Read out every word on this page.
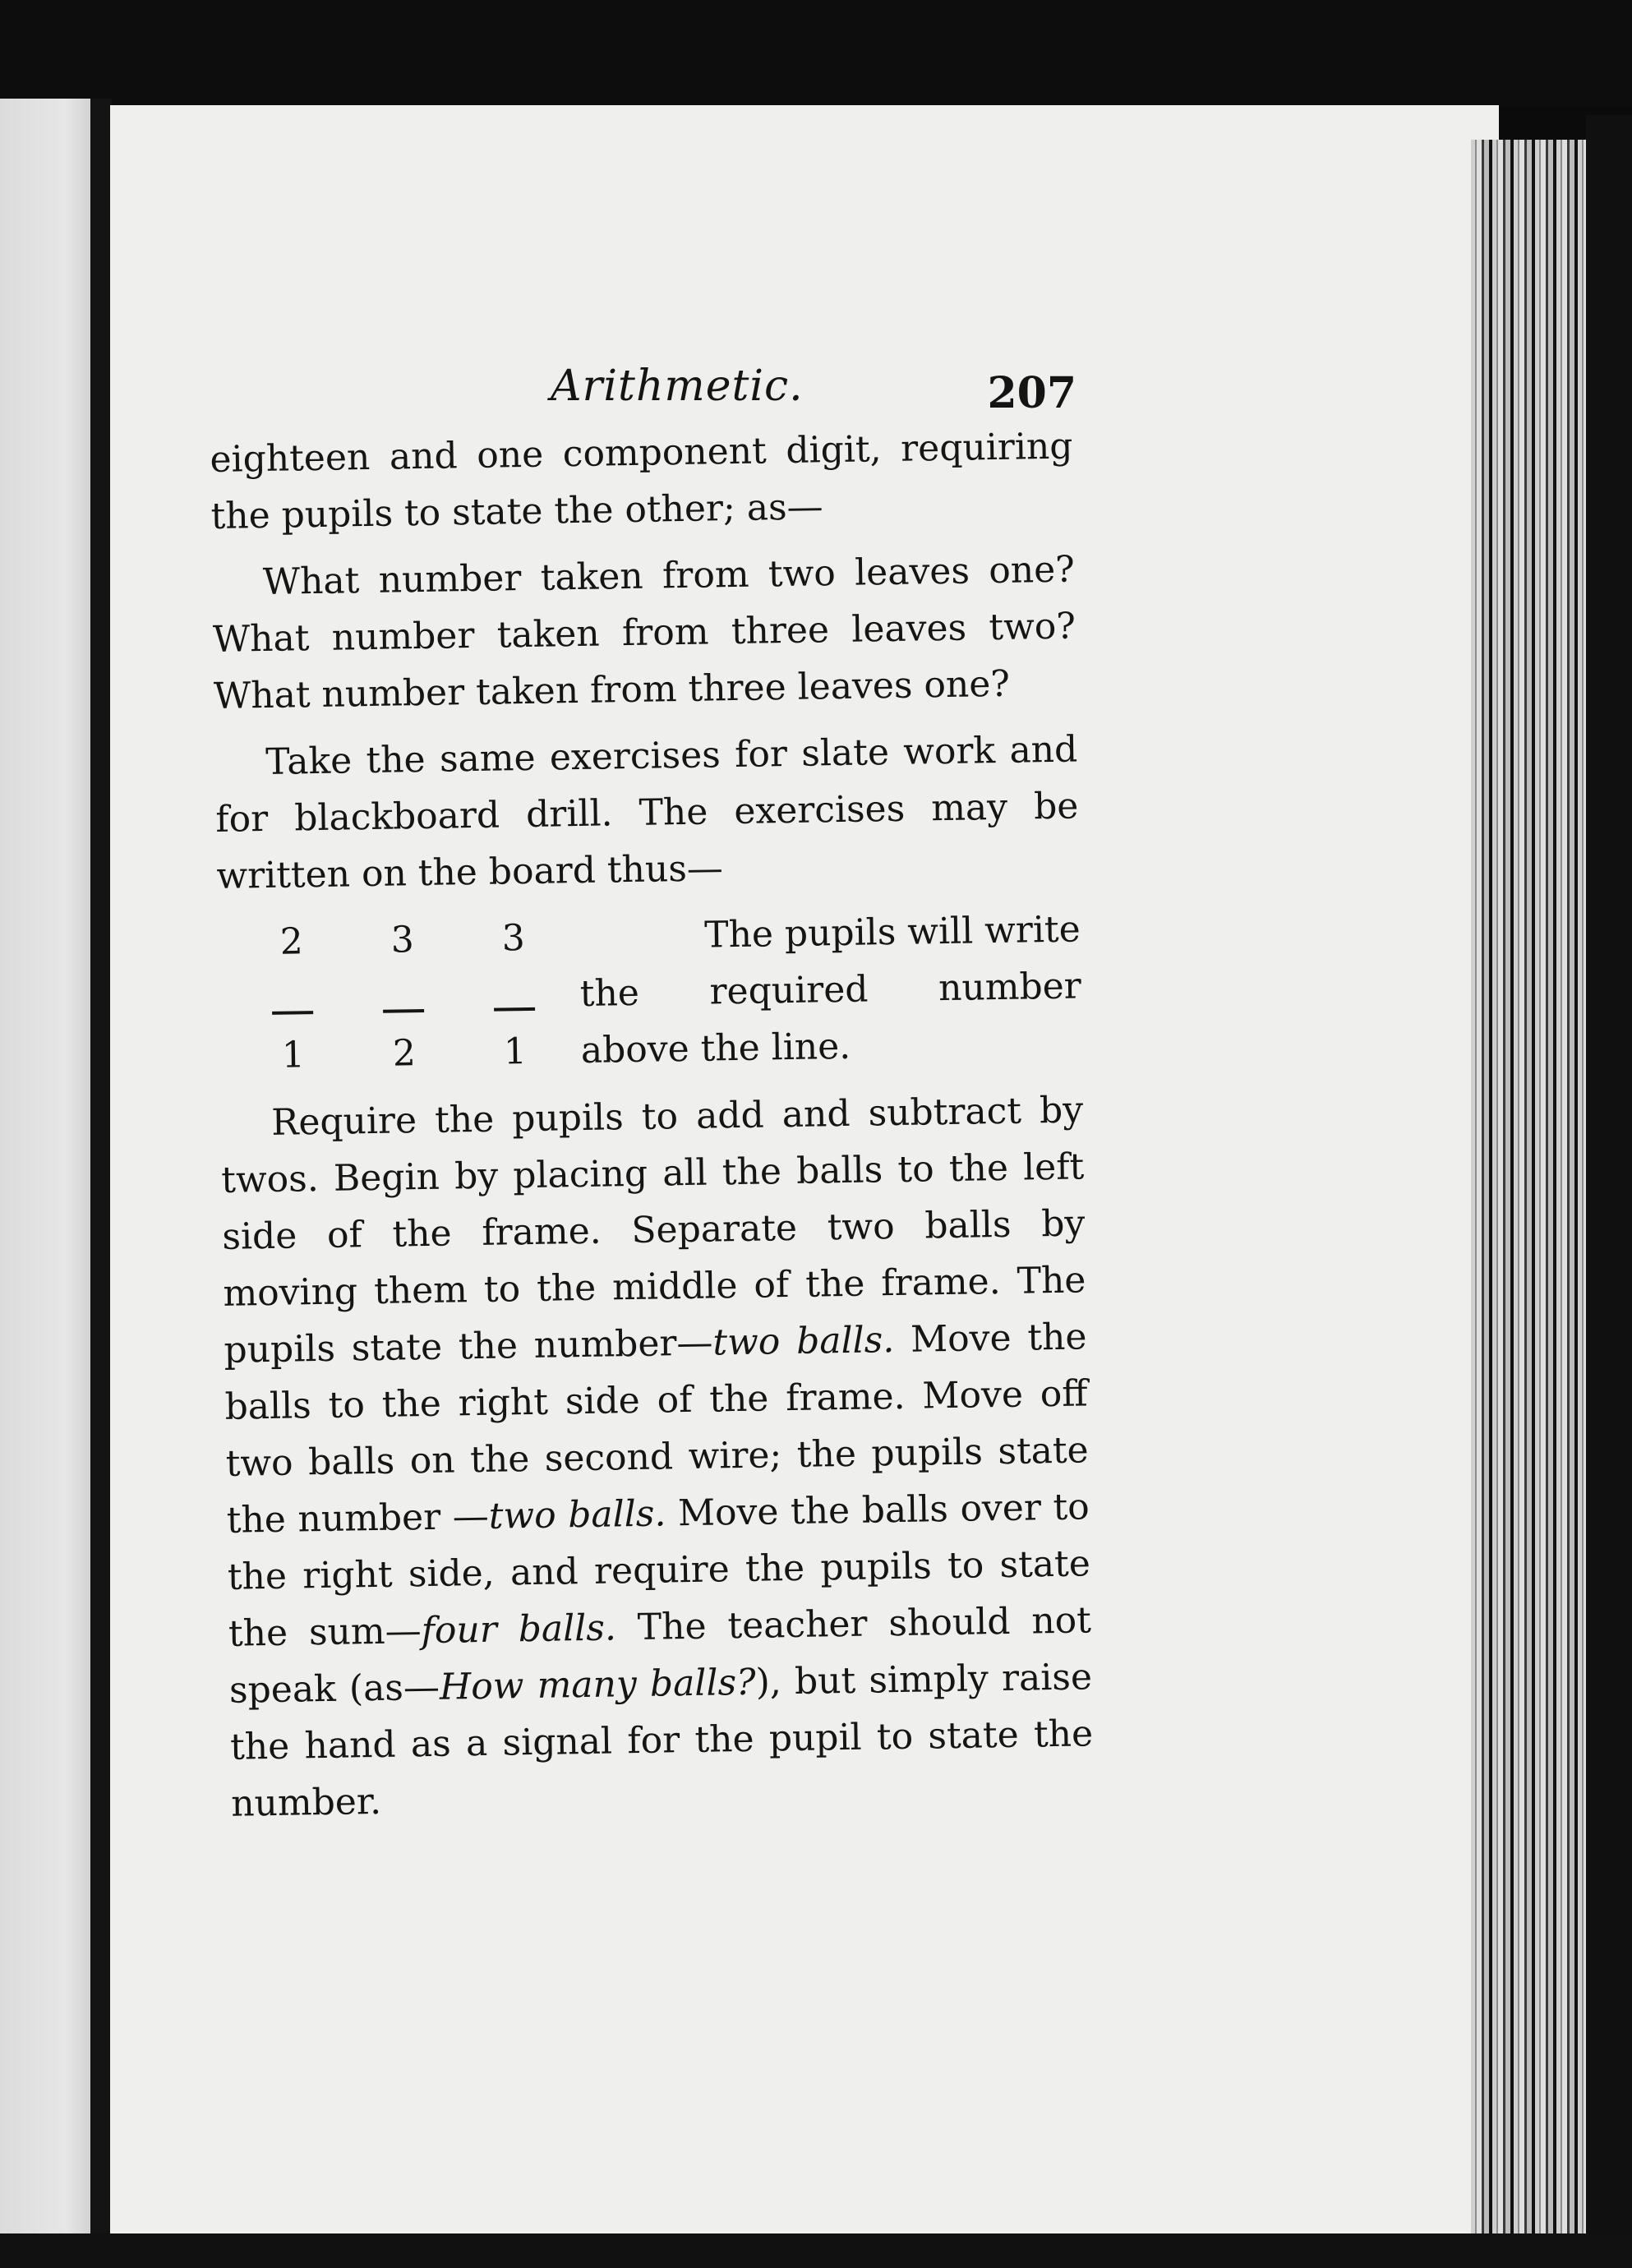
Arithmetic.	207

eighteen and one component digit, requiring the pupils to state the other; as—

What number taken from two leaves one? What number taken from three leaves two? What number taken from three leaves one?

Take the same exercises for slate work and for blackboard drill. The exercises may be written on the board thus—

2
1
3
2
3
1
The pupils will write
the required number
above the line.

Require the pupils to add and subtract by twos. Begin by placing all the balls to the left side of the frame. Separate two balls by moving them to the middle of the frame. The pupils state the number—two balls. Move the balls to the right side of the frame. Move off two balls on the second wire; the pupils state the number —two balls. Move the balls over to the right side, and require the pupils to state the sum—four balls. The teacher should not speak (as—How many balls?), but simply raise the hand as a signal for the pupil to state the number.
